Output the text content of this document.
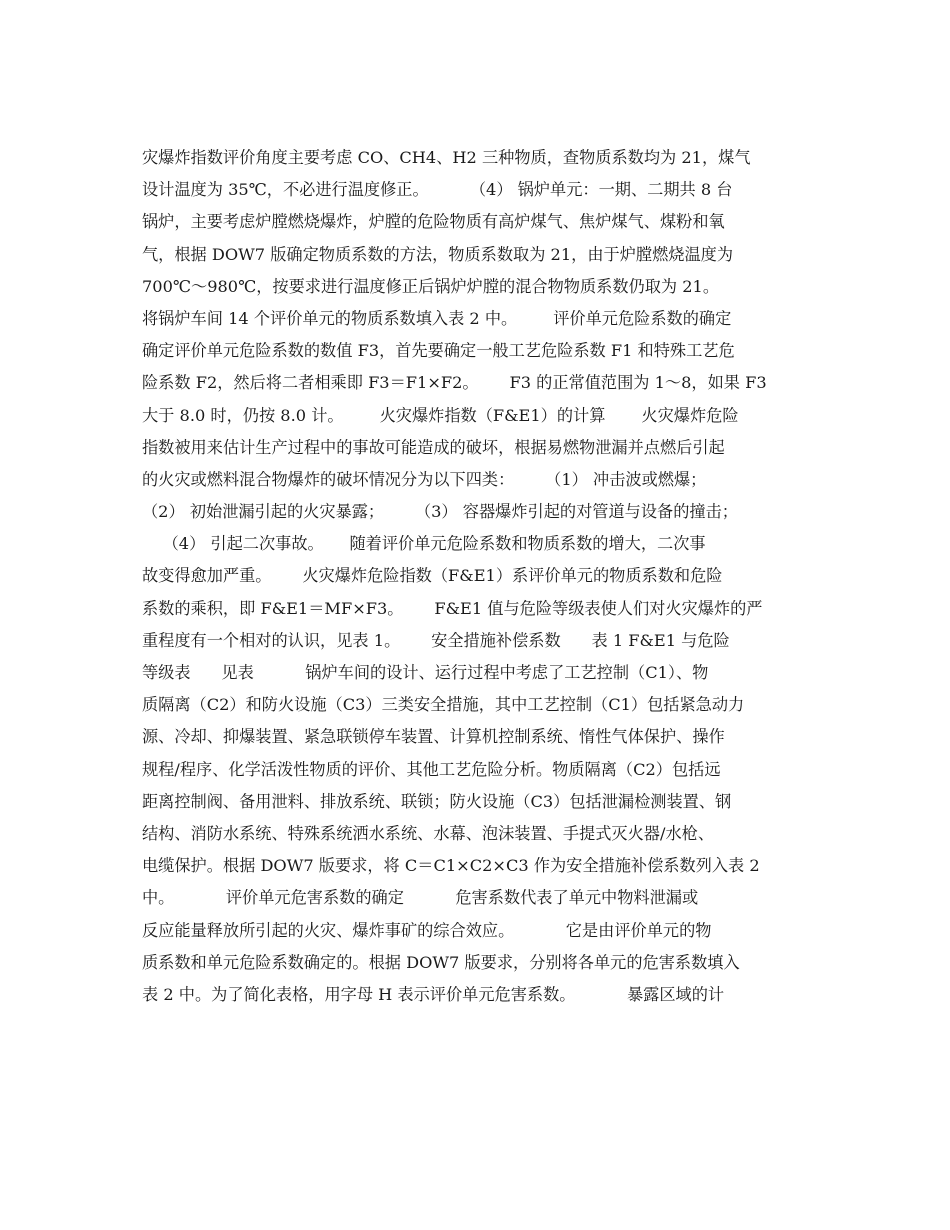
灾爆炸指数评价角度主要考虑 CO、CH4、H2 三种物质，查物质系数均为 21，煤气
设计温度为 35℃，不必进行温度修正。        （4） 锅炉单元：一期、二期共 8 台
锅炉，主要考虑炉膛燃烧爆炸，炉膛的危险物质有高炉煤气、焦炉煤气、煤粉和氧
气，根据 DOW7 版确定物质系数的方法，物质系数取为 21，由于炉膛燃烧温度为
700℃～980℃，按要求进行温度修正后锅炉炉膛的混合物物质系数仍取为 21。
将锅炉车间 14 个评价单元的物质系数填入表 2 中。       评价单元危险系数的确定
确定评价单元危险系数的数值 F3，首先要确定一般工艺危险系数 F1 和特殊工艺危
险系数 F2，然后将二者相乘即 F3＝F1×F2。      F3 的正常值范围为 1～8，如果 F3
大于 8.0 时，仍按 8.0 计。       火灾爆炸指数（F&E1）的计算       火灾爆炸危险
指数被用来估计生产过程中的事故可能造成的破坏，根据易燃物泄漏并点燃后引起
的火灾或燃料混合物爆炸的破坏情况分为以下四类：      （1） 冲击波或燃爆；
（2） 初始泄漏引起的火灾暴露；      （3） 容器爆炸引起的对管道与设备的撞击；
（4） 引起二次事故。     随着评价单元危险系数和物质系数的增大，二次事
故变得愈加严重。      火灾爆炸危险指数（F&E1）系评价单元的物质系数和危险
系数的乘积，即 F&E1＝MF×F3。      F&E1 值与危险等级表使人们对火灾爆炸的严
重程度有一个相对的认识，见表 1。      安全措施补偿系数      表 1 F&E1 与危险
等级表      见表          锅炉车间的设计、运行过程中考虑了工艺控制（C1）、物
质隔离（C2）和防火设施（C3）三类安全措施，其中工艺控制（C1）包括紧急动力
源、冷却、抑爆装置、紧急联锁停车装置、计算机控制系统、惰性气体保护、操作
规程/程序、化学活泼性物质的评价、其他工艺危险分析。物质隔离（C2）包括远
距离控制阀、备用泄料、排放系统、联锁；防火设施（C3）包括泄漏检测装置、钢
结构、消防水系统、特殊系统洒水系统、水幕、泡沫装置、手提式灭火器/水枪、
电缆保护。根据 DOW7 版要求，将 C＝C1×C2×C3 作为安全措施补偿系数列入表 2
中。          评价单元危害系数的确定          危害系数代表了单元中物料泄漏或
反应能量释放所引起的火灾、爆炸事矿的综合效应。          它是由评价单元的物
质系数和单元危险系数确定的。根据 DOW7 版要求，分别将各单元的危害系数填入
表 2 中。为了简化表格，用字母 H 表示评价单元危害系数。          暴露区域的计
